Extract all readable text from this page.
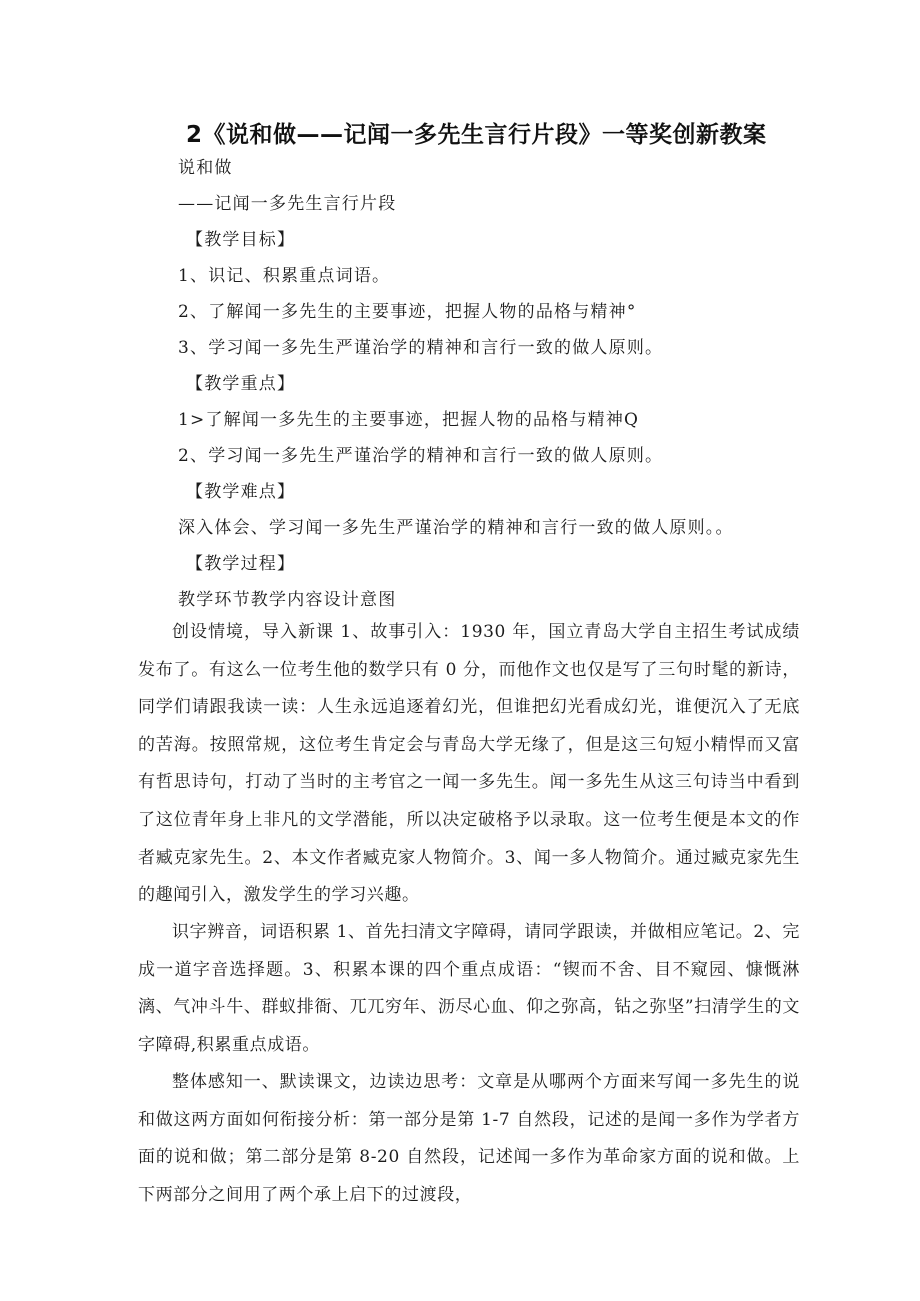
2《说和做——记闻一多先生言行片段》一等奖创新教案
说和做
——记闻一多先生言行片段
【教学目标】
1、识记、积累重点词语。
2、了解闻一多先生的主要事迹，把握人物的品格与精神°
3、学习闻一多先生严谨治学的精神和言行一致的做人原则。
【教学重点】
1>了解闻一多先生的主要事迹，把握人物的品格与精神Q
2、学习闻一多先生严谨治学的精神和言行一致的做人原则。
【教学难点】
深入体会、学习闻一多先生严谨治学的精神和言行一致的做人原则。。
【教学过程】
教学环节教学内容设计意图
创设情境，导入新课 1、故事引入：1930 年，国立青岛大学自主招生考试成绩发布了。有这么一位考生他的数学只有 0 分，而他作文也仅是写了三句时髦的新诗，同学们请跟我读一读：人生永远追逐着幻光，但谁把幻光看成幻光，谁便沉入了无底的苦海。按照常规，这位考生肯定会与青岛大学无缘了，但是这三句短小精悍而又富有哲思诗句，打动了当时的主考官之一闻一多先生。闻一多先生从这三句诗当中看到了这位青年身上非凡的文学潜能，所以决定破格予以录取。这一位考生便是本文的作者臧克家先生。2、本文作者臧克家人物简介。3、闻一多人物简介。通过臧克家先生的趣闻引入，激发学生的学习兴趣。
识字辨音，词语积累 1、首先扫清文字障碍，请同学跟读，并做相应笔记。2、完成一道字音选择题。3、积累本课的四个重点成语：“锲而不舍、目不窥园、慷慨淋漓、气冲斗牛、群蚁排衙、兀兀穷年、沥尽心血、仰之弥高，钻之弥坚”扫清学生的文字障碍,积累重点成语。
整体感知一、默读课文，边读边思考：文章是从哪两个方面来写闻一多先生的说和做这两方面如何衔接分析：第一部分是第 1-7 自然段，记述的是闻一多作为学者方面的说和做；第二部分是第 8-20 自然段，记述闻一多作为革命家方面的说和做。上下两部分之间用了两个承上启下的过渡段，
